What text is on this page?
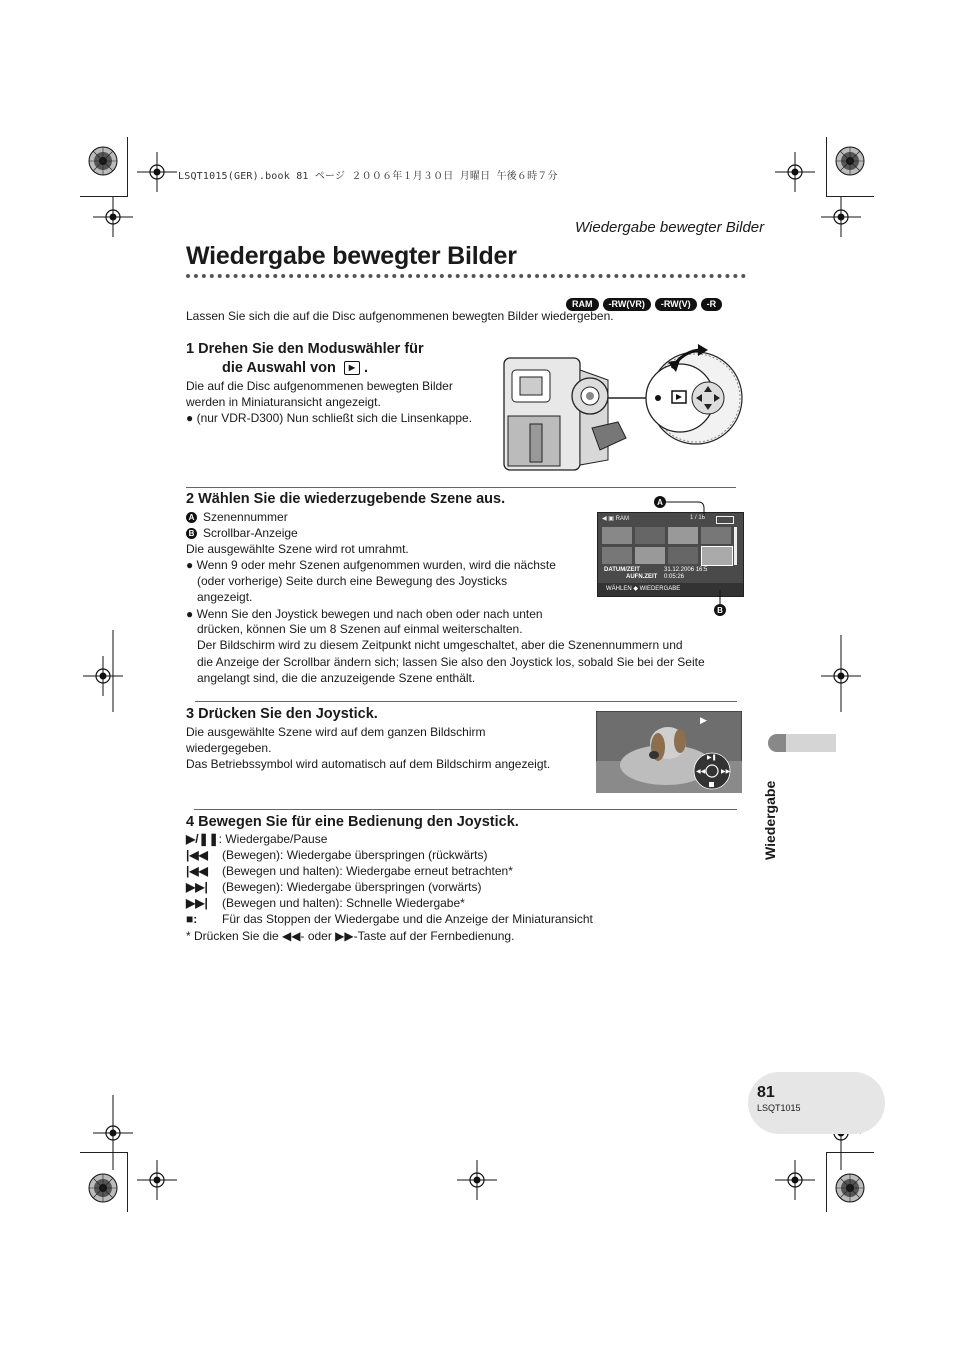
LSQT1015(GER).book 81 ページ ２００６年１月３０日 月曜日 午後６時７分
Wiedergabe bewegter Bilder
Wiedergabe bewegter Bilder
RAM -RW(VR) -RW(V) -R
Lassen Sie sich die auf die Disc aufgenommenen bewegten Bilder wiedergeben.
1 Drehen Sie den Moduswähler für
die Auswahl von ▶ .
Die auf die Disc aufgenommenen bewegten Bilder
werden in Miniaturansicht angezeigt.
● (nur VDR-D300) Nun schließt sich die Linsenkappe.
2 Wählen Sie die wiederzugebende Szene aus.
A Szenennummer
B Scrollbar-Anzeige
Die ausgewählte Szene wird rot umrahmt.
● Wenn 9 oder mehr Szenen aufgenommen wurden, wird die nächste
(oder vorherige) Seite durch eine Bewegung des Joysticks
angezeigt.
● Wenn Sie den Joystick bewegen und nach oben oder nach unten
drücken, können Sie um 8 Szenen auf einmal weiterschalten.
Der Bildschirm wird zu diesem Zeitpunkt nicht umgeschaltet, aber die Szenennummern und
die Anzeige der Scrollbar ändern sich; lassen Sie also den Joystick los, sobald Sie bei der Seite
angelangt sind, die die anzuzeigende Szene enthält.
◀ ▣ RAM	1 / 16
DATUM/ZEIT	31.12.2006 16:5
AUFN.ZEIT 0:05:26
WÄHLEN ◆ WIEDERGABE
A
B
3 Drücken Sie den Joystick.
Die ausgewählte Szene wird auf dem ganzen Bildschirm
wiedergegeben.
Das Betriebssymbol wird automatisch auf dem Bildschirm angezeigt.
▶
▶❚
◀◀	▶▶
4 Bewegen Sie für eine Bedienung den Joystick.
▶/❚❚: Wiedergabe/Pause
|◀◀ (Bewegen): Wiedergabe überspringen (rückwärts)
|◀◀ (Bewegen und halten): Wiedergabe erneut betrachten*
▶▶| (Bewegen): Wiedergabe überspringen (vorwärts)
▶▶| (Bewegen und halten): Schnelle Wiedergabe*
■: Für das Stoppen der Wiedergabe und die Anzeige der Miniaturansicht
* Drücken Sie die ◀◀- oder ▶▶-Taste auf der Fernbedienung.
Wiedergabe
81
LSQT1015
